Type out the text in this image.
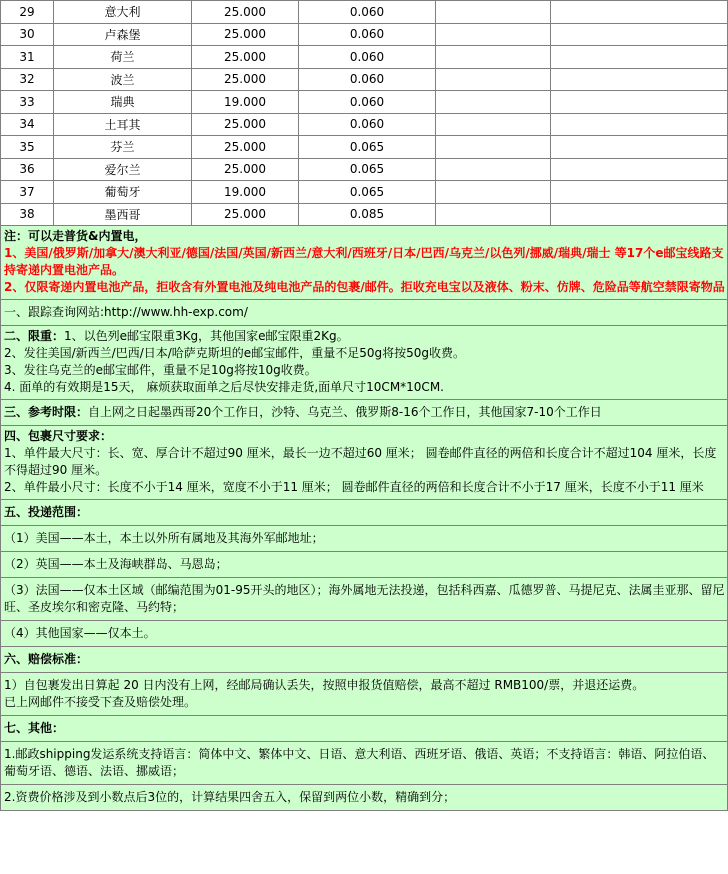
29	意大利	25.000	0.060		
30	卢森堡	25.000	0.060		
31	荷兰	25.000	0.060		
32	波兰	25.000	0.060		
33	瑞典	19.000	0.060		
34	土耳其	25.000	0.060		
35	芬兰	25.000	0.065		
36	爱尔兰	25.000	0.065		
37	葡萄牙	19.000	0.065		
38	墨西哥	25.000	0.085		
注：可以走普货&内置电，
1、美国/俄罗斯/加拿大/澳大利亚/德国/法国/英国/新西兰/意大利/西班牙/日本/巴西/乌克兰/以色列/挪威/瑞典/瑞士 等17个e邮宝线路支持寄递内置电池产品。
2、仅限寄递内置电池产品，拒收含有外置电池及纯电池产品的包裹/邮件。拒收充电宝以及液体、粉末、仿牌、危险品等航空禁限寄物品
一、跟踪查询网站:http://www.hh-exp.com/
二、限重：1、以色列e邮宝限重3Kg，其他国家e邮宝限重2Kg。
2、发往美国/新西兰/巴西/日本/哈萨克斯坦的e邮宝邮件，重量不足50g将按50g收费。
3、发往乌克兰的e邮宝邮件，重量不足10g将按10g收费。
4. 面单的有效期是15天， 麻烦获取面单之后尽快安排走货,面单尺寸10CM*10CM.
三、参考时限：自上网之日起墨西哥20个工作日，沙特、乌克兰、俄罗斯8-16个工作日，其他国家7-10个工作日
四、包裹尺寸要求：
1、单件最大尺寸：长、宽、厚合计不超过90 厘米，最长一边不超过60 厘米； 圆卷邮件直径的两倍和长度合计不超过104 厘米，长度不得超过90 厘米。
2、单件最小尺寸：长度不小于14 厘米，宽度不小于11 厘米； 圆卷邮件直径的两倍和长度合计不小于17 厘米，长度不小于11 厘米
五、投递范围：
（1）美国——本土，本土以外所有属地及其海外军邮地址；
（2）英国——本土及海峡群岛、马恩岛；
（3）法国——仅本土区域（邮编范围为01-95开头的地区）；海外属地无法投递，包括科西嘉、瓜德罗普、马提尼克、法属圭亚那、留尼旺、圣皮埃尔和密克隆、马约特；
（4）其他国家——仅本土。
六、赔偿标准：
1）自包裹发出日算起 20 日内没有上网，经邮局确认丢失，按照申报货值赔偿，最高不超过 RMB100/票，并退还运费。
已上网邮件不接受下查及赔偿处理。
七、其他：
1.邮政shipping发运系统支持语言：简体中文、繁体中文、日语、意大利语、西班牙语、俄语、英语；不支持语言：韩语、阿拉伯语、葡萄牙语、德语、法语、挪威语；
2.资费价格涉及到小数点后3位的，计算结果四舍五入，保留到两位小数，精确到分；
